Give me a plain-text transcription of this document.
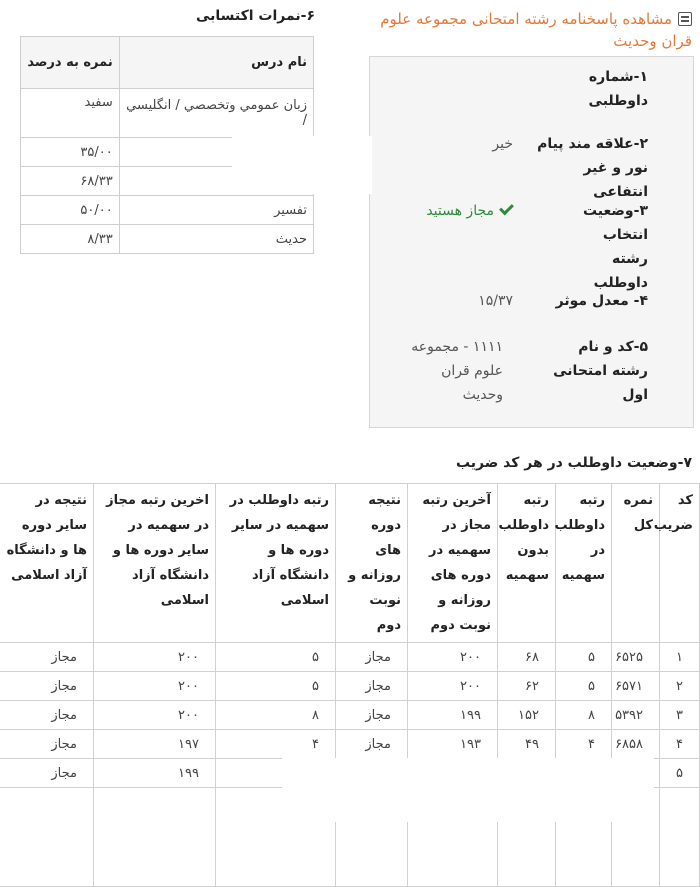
مشاهده پاسخنامه رشته امتحانی مجموعه علوم قران وحدیث
۱-شماره داوطلبی
۲-علاقه مند پیام نور و غیر انتفاعی
خیر
۳-وضعیت انتخاب رشته داوطلب
مجاز هستید
۴- معدل موثر
۱۵/۳۷
۵-کد و نام رشته امتحانی اول
۱۱۱۱ - مجموعه علوم قران وحدیث
۶-نمرات اکتسابی
نام درس	نمره به درصد
زبان عمومي وتخصصي / انگليسي /	سفید
	۳۵/۰۰
	۶۸/۳۳
تفسير	۵۰/۰۰
حديث	۸/۳۳
۷-وضعیت داوطلب در هر کد ضریب
کد ضریب	نمره کل	رتبه داوطلب در سهمیه	رتبه داوطلب بدون سهمیه	آخرین رتبه مجاز در سهمیه در دوره های روزانه و نوبت دوم	نتیجه دوره های روزانه و نوبت دوم	رتبه داوطلب در سهمیه در سایر دوره ها و دانشگاه آزاد اسلامی	اخرین رتبه مجاز در سهمیه در سایر دوره ها و دانشگاه آزاد اسلامی	نتیجه در سایر دوره ها و دانشگاه آزاد اسلامی
۱	۶۵۲۵	۵	۶۸	۲۰۰	مجاز	۵	۲۰۰	مجاز
۲	۶۵۷۱	۵	۶۲	۲۰۰	مجاز	۵	۲۰۰	مجاز
۳	۵۳۹۲	۸	۱۵۲	۱۹۹	مجاز	۸	۲۰۰	مجاز
۴	۶۸۵۸	۴	۴۹	۱۹۳	مجاز	۴	۱۹۷	مجاز
۵							۱۹۹	مجاز
